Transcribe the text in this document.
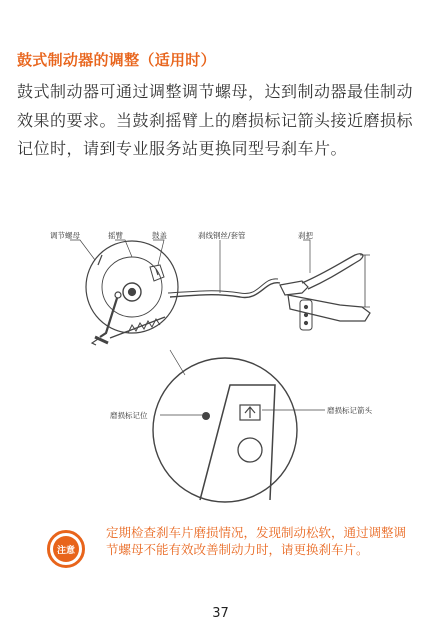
鼓式制动器的调整（适用时）
鼓式制动器可通过调整调节螺母，达到制动器最佳制动效果的要求。当鼓刹摇臂上的磨损标记箭头接近磨损标记位时，请到专业服务站更换同型号刹车片。
调节螺母	摇臂	鼓盖	刹线钢丝/套管	刹把
磨损标记位
磨损标记箭头
注意
定期检查刹车片磨损情况，发现制动松软，通过调整调节螺母不能有效改善制动力时，请更换刹车片。
37
